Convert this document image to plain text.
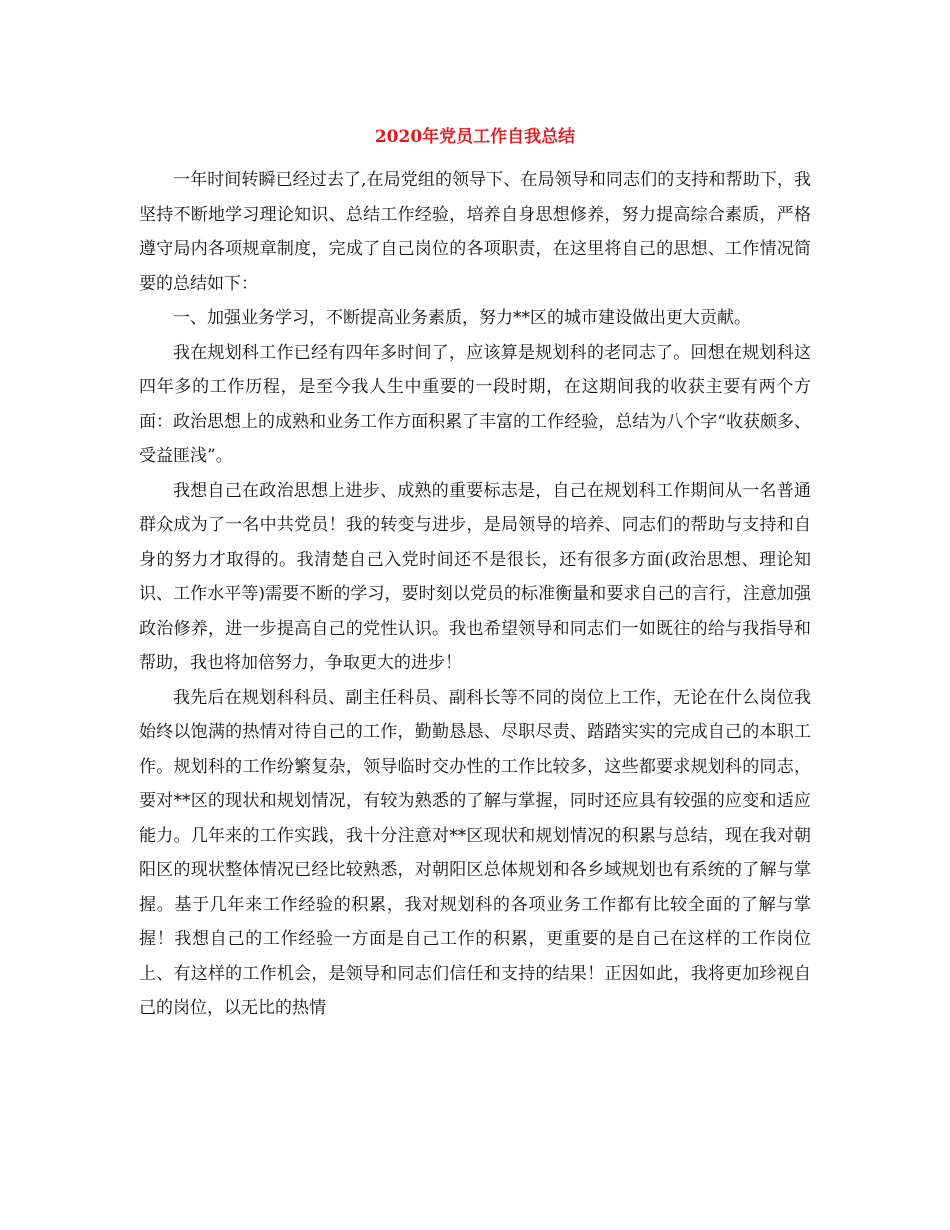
2020年党员工作自我总结

一年时间转瞬已经过去了,在局党组的领导下、在局领导和同志们的支持和帮助下，我坚持不断地学习理论知识、总结工作经验，培养自身思想修养，努力提高综合素质，严格遵守局内各项规章制度，完成了自己岗位的各项职责，在这里将自己的思想、工作情况简要的总结如下：

一、加强业务学习，不断提高业务素质，努力**区的城市建设做出更大贡献。

我在规划科工作已经有四年多时间了，应该算是规划科的老同志了。回想在规划科这四年多的工作历程，是至今我人生中重要的一段时期，在这期间我的收获主要有两个方面：政治思想上的成熟和业务工作方面积累了丰富的工作经验，总结为八个字“收获颇多、受益匪浅”。

我想自己在政治思想上进步、成熟的重要标志是，自己在规划科工作期间从一名普通群众成为了一名中共党员！我的转变与进步，是局领导的培养、同志们的帮助与支持和自身的努力才取得的。我清楚自己入党时间还不是很长，还有很多方面(政治思想、理论知识、工作水平等)需要不断的学习，要时刻以党员的标准衡量和要求自己的言行，注意加强政治修养，进一步提高自己的党性认识。我也希望领导和同志们一如既往的给与我指导和帮助，我也将加倍努力，争取更大的进步！

我先后在规划科科员、副主任科员、副科长等不同的岗位上工作，无论在什么岗位我始终以饱满的热情对待自己的工作，勤勤恳恳、尽职尽责、踏踏实实的完成自己的本职工作。规划科的工作纷繁复杂，领导临时交办性的工作比较多，这些都要求规划科的同志，要对**区的现状和规划情况，有较为熟悉的了解与掌握，同时还应具有较强的应变和适应能力。几年来的工作实践，我十分注意对**区现状和规划情况的积累与总结，现在我对朝阳区的现状整体情况已经比较熟悉，对朝阳区总体规划和各乡域规划也有系统的了解与掌握。基于几年来工作经验的积累，我对规划科的各项业务工作都有比较全面的了解与掌握！我想自己的工作经验一方面是自己工作的积累，更重要的是自己在这样的工作岗位上、有这样的工作机会，是领导和同志们信任和支持的结果！正因如此，我将更加珍视自己的岗位，以无比的热情
